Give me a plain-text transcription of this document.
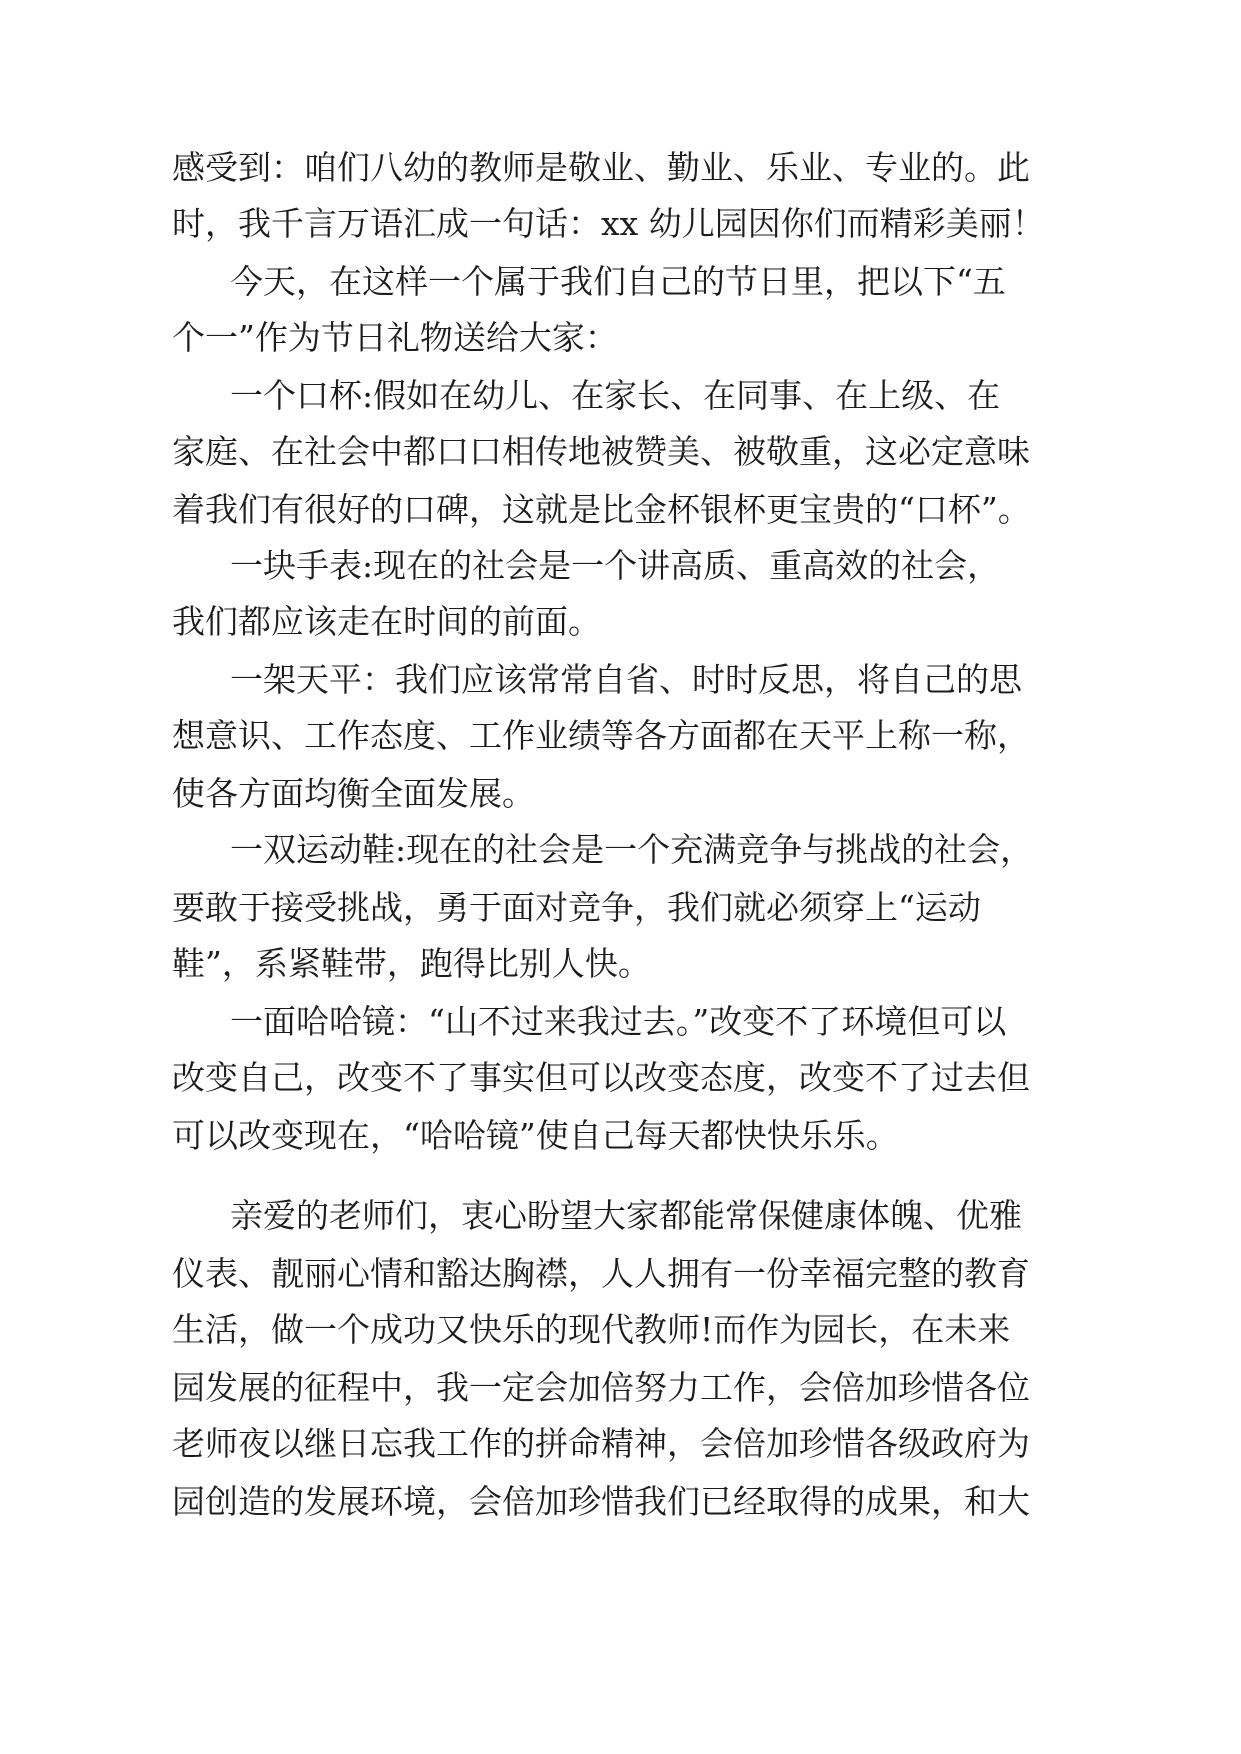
感受到：咱们八幼的教师是敬业、勤业、乐业、专业的。此
时，我千言万语汇成一句话：xx 幼儿园因你们而精彩美丽！
今天，在这样一个属于我们自己的节日里，把以下“五
个一”作为节日礼物送给大家：
一个口杯:假如在幼儿、在家长、在同事、在上级、在
家庭、在社会中都口口相传地被赞美、被敬重，这必定意味
着我们有很好的口碑，这就是比金杯银杯更宝贵的“口杯”。
一块手表:现在的社会是一个讲高质、重高效的社会，
我们都应该走在时间的前面。
一架天平：我们应该常常自省、时时反思，将自己的思
想意识、工作态度、工作业绩等各方面都在天平上称一称，
使各方面均衡全面发展。
一双运动鞋:现在的社会是一个充满竞争与挑战的社会，
要敢于接受挑战，勇于面对竞争，我们就必须穿上“运动
鞋”，系紧鞋带，跑得比别人快。
一面哈哈镜：“山不过来我过去。”改变不了环境但可以
改变自己，改变不了事实但可以改变态度，改变不了过去但
可以改变现在，“哈哈镜”使自己每天都快快乐乐。
亲爱的老师们，衷心盼望大家都能常保健康体魄、优雅
仪表、靓丽心情和豁达胸襟，人人拥有一份幸福完整的教育
生活，做一个成功又快乐的现代教师!而作为园长，在未来
园发展的征程中，我一定会加倍努力工作，会倍加珍惜各位
老师夜以继日忘我工作的拼命精神，会倍加珍惜各级政府为
园创造的发展环境，会倍加珍惜我们已经取得的成果，和大
